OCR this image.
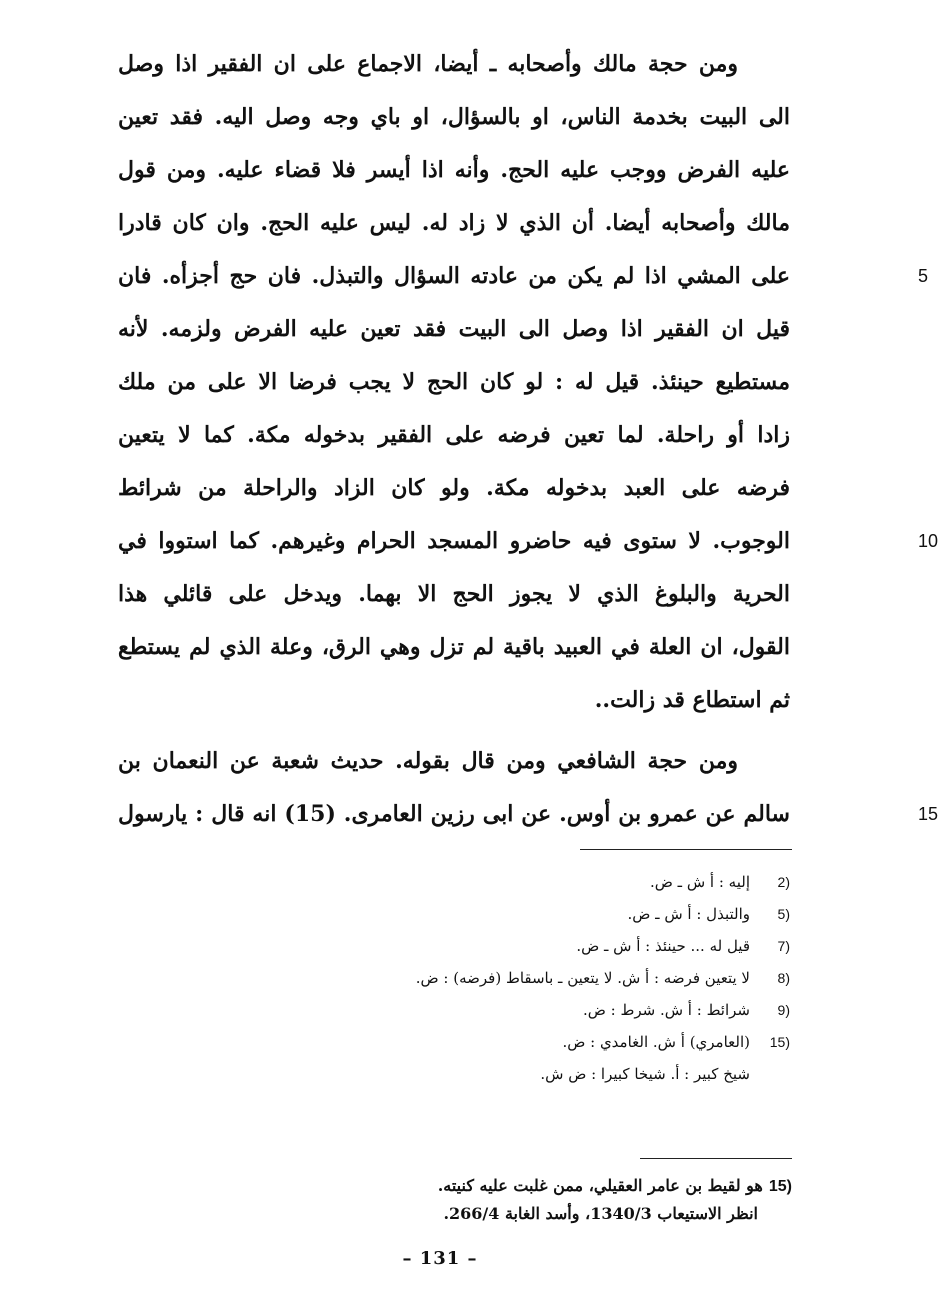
ومن حجة مالك وأصحابه ـ أيضا، الاجماع على ان الفقير اذا وصل
الى البيت بخدمة الناس، او بالسؤال، او باي وجه وصل اليه. فقد تعين
عليه الفرض ووجب عليه الحج. وأنه اذا أيسر فلا قضاء عليه. ومن قول
مالك وأصحابه أيضا. أن الذي لا زاد له. ليس عليه الحج. وان كان قادرا
على المشي اذا لم يكن من عادته السؤال والتبذل. فان حج أجزأه. فان	5
قيل ان الفقير اذا وصل الى البيت فقد تعين عليه الفرض ولزمه. لأنه
مستطيع حينئذ. قيل له : لو كان الحج لا يجب فرضا الا على من ملك
زادا أو راحلة. لما تعين فرضه على الفقير بدخوله مكة. كما لا يتعين
فرضه على العبد بدخوله مكة. ولو كان الزاد والراحلة من شرائط
الوجوب. لا ستوى فيه حاضرو المسجد الحرام وغيرهم. كما استووا في	10
الحرية والبلوغ الذي لا يجوز الحج الا بهما. ويدخل على قائلي هذا
القول، ان العلة في العبيد باقية لم تزل وهي الرق، وعلة الذي لم يستطع
ثم استطاع قد زالت..
ومن حجة الشافعي ومن قال بقوله. حديث شعبة عن النعمان بن
سالم عن عمرو بن أوس. عن ابى رزين العامرى. (15) انه قال : يارسول	15
2)إليه : أ ش ـ ض.
5)والتبذل : أ ش ـ ض.
7)قيل له ... حينئذ : أ ش ـ ض.
8)لا يتعين فرضه : أ ش. لا يتعين ـ باسقاط (فرضه) : ض.
9)شرائط : أ ش. شرط : ض.
15)(العامري) أ ش. الغامدي : ض.
شيخ كبير : أ. شيخا كبيرا : ض ش.
15)هو لقيط بن عامر العقيلي، ممن غلبت عليه كنيته.
انظر الاستيعاب 1340/3، وأسد الغابة 266/4.
– 131 –
